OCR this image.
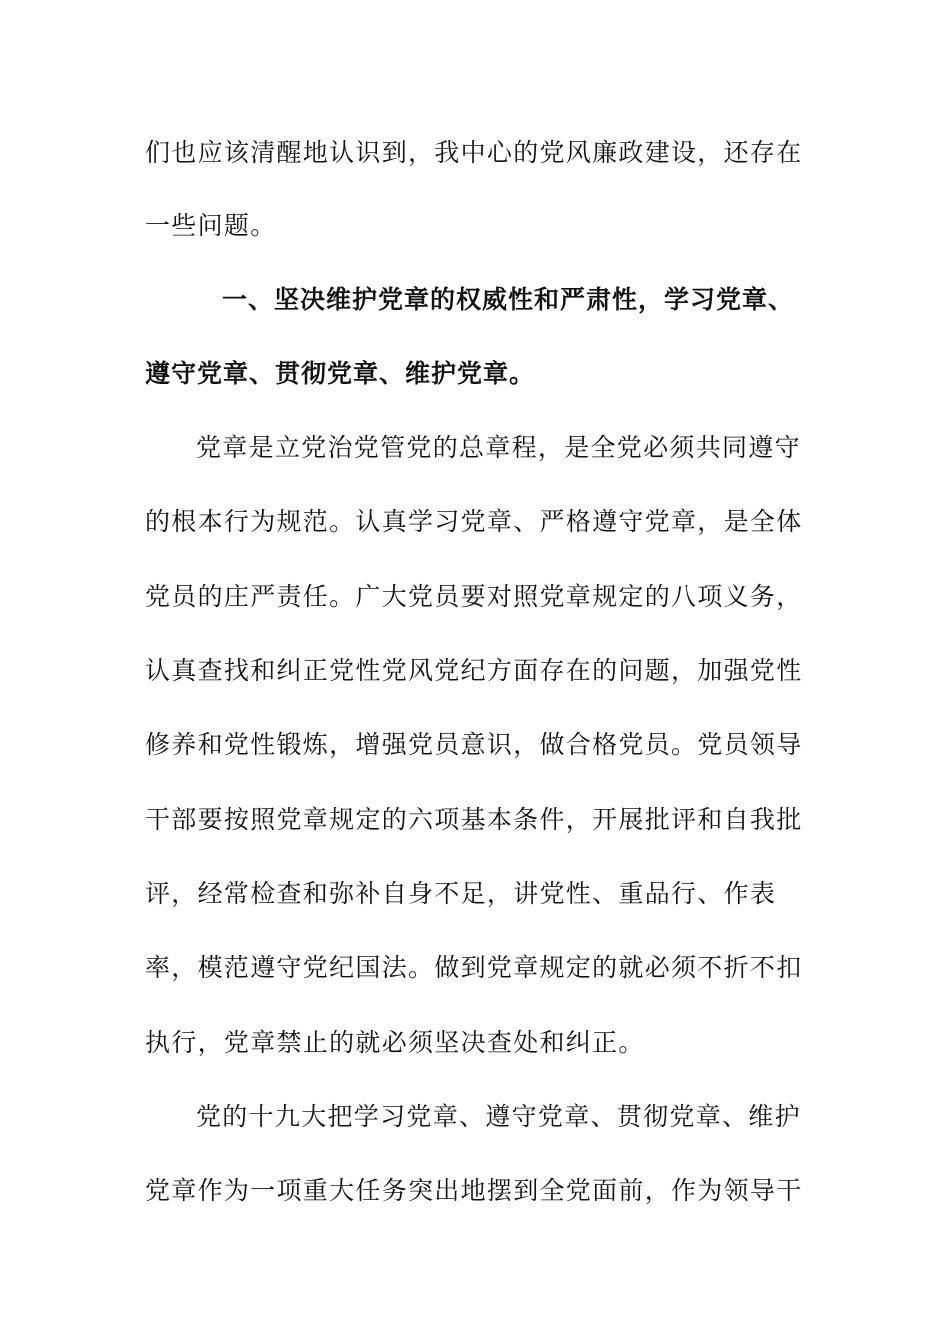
们也应该清醒地认识到，我中心的党风廉政建设，还存在
一些问题。
一、坚决维护党章的权威性和严肃性，学习党章、
遵守党章、贯彻党章、维护党章。
党章是立党治党管党的总章程，是全党必须共同遵守
的根本行为规范。认真学习党章、严格遵守党章，是全体
党员的庄严责任。广大党员要对照党章规定的八项义务，
认真查找和纠正党性党风党纪方面存在的问题，加强党性
修养和党性锻炼，增强党员意识，做合格党员。党员领导
干部要按照党章规定的六项基本条件，开展批评和自我批
评，经常检查和弥补自身不足，讲党性、重品行、作表
率，模范遵守党纪国法。做到党章规定的就必须不折不扣
执行，党章禁止的就必须坚决查处和纠正。
党的十九大把学习党章、遵守党章、贯彻党章、维护
党章作为一项重大任务突出地摆到全党面前，作为领导干
